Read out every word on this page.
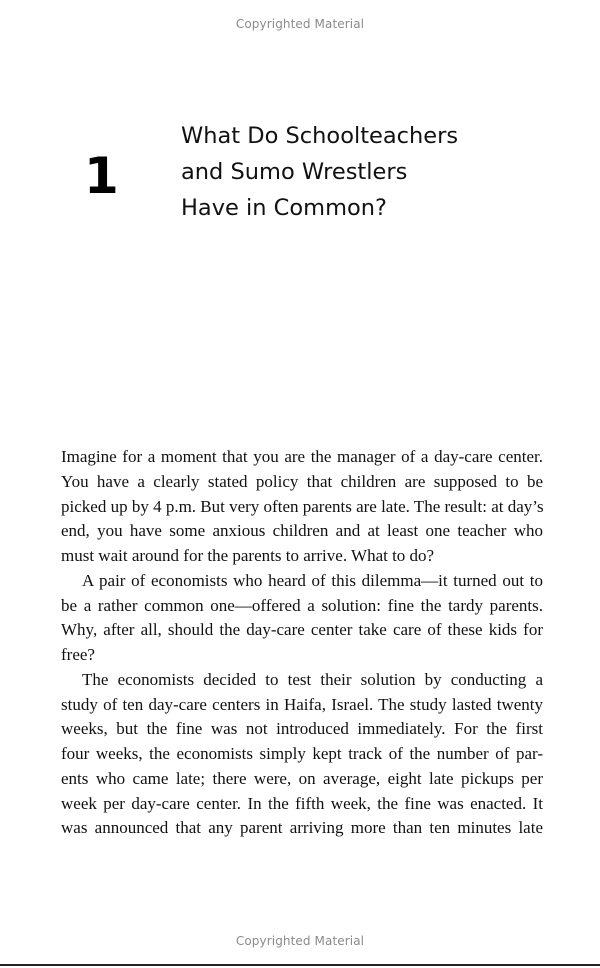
Copyrighted Material
1
What Do Schoolteachers
and Sumo Wrestlers
Have in Common?
Imagine for a moment that you are the manager of a day-care center.
You have a clearly stated policy that children are supposed to be
picked up by 4 p.m. But very often parents are late. The result: at day’s
end, you have some anxious children and at least one teacher who
must wait around for the parents to arrive. What to do?
A pair of economists who heard of this dilemma—it turned out to
be a rather common one—offered a solution: fine the tardy parents.
Why, after all, should the day-care center take care of these kids for
free?
The economists decided to test their solution by conducting a
study of ten day-care centers in Haifa, Israel. The study lasted twenty
weeks, but the fine was not introduced immediately. For the first
four weeks, the economists simply kept track of the number of par-
ents who came late; there were, on average, eight late pickups per
week per day-care center. In the fifth week, the fine was enacted. It
was announced that any parent arriving more than ten minutes late
Copyrighted Material
